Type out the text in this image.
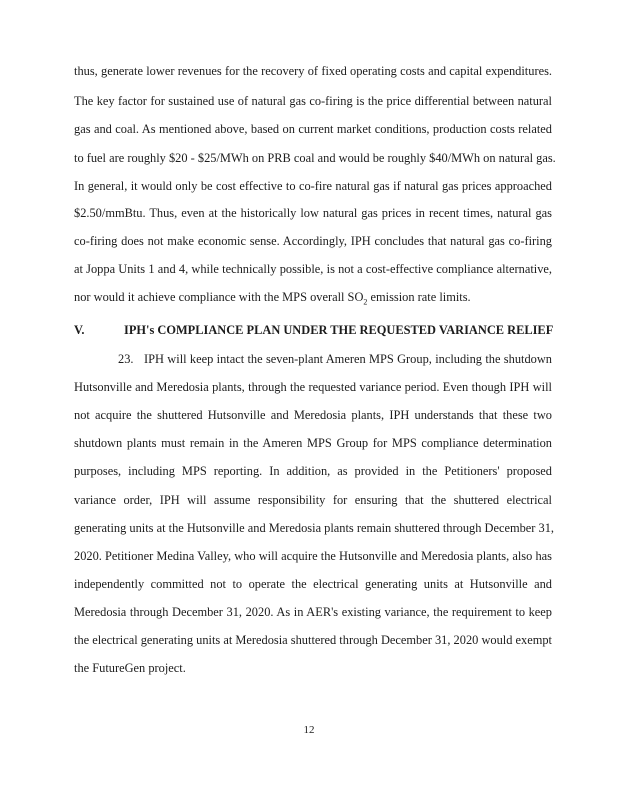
thus, generate lower revenues for the recovery of fixed operating costs and capital expenditures.
The key factor for sustained use of natural gas co-firing is the price differential between natural
gas and coal. As mentioned above, based on current market conditions, production costs related
to fuel are roughly $20 - $25/MWh on PRB coal and would be roughly $40/MWh on natural gas.
In general, it would only be cost effective to co-fire natural gas if natural gas prices approached
$2.50/mmBtu. Thus, even at the historically low natural gas prices in recent times, natural gas
co-firing does not make economic sense. Accordingly, IPH concludes that natural gas co-firing
at Joppa Units 1 and 4, while technically possible, is not a cost-effective compliance alternative,
nor would it achieve compliance with the MPS overall $SO_2$ emission rate limits.
V.	IPH's COMPLIANCE PLAN UNDER THE REQUESTED VARIANCE RELIEF
23. IPH will keep intact the seven-plant Ameren MPS Group, including the shutdown
Hutsonville and Meredosia plants, through the requested variance period. Even though IPH will
not acquire the shuttered Hutsonville and Meredosia plants, IPH understands that these two
shutdown plants must remain in the Ameren MPS Group for MPS compliance determination
purposes, including MPS reporting. In addition, as provided in the Petitioners' proposed
variance order, IPH will assume responsibility for ensuring that the shuttered electrical
generating units at the Hutsonville and Meredosia plants remain shuttered through December 31,
2020. Petitioner Medina Valley, who will acquire the Hutsonville and Meredosia plants, also has
independently committed not to operate the electrical generating units at Hutsonville and
Meredosia through December 31, 2020. As in AER's existing variance, the requirement to keep
the electrical generating units at Meredosia shuttered through December 31, 2020 would exempt
the FutureGen project.
12
